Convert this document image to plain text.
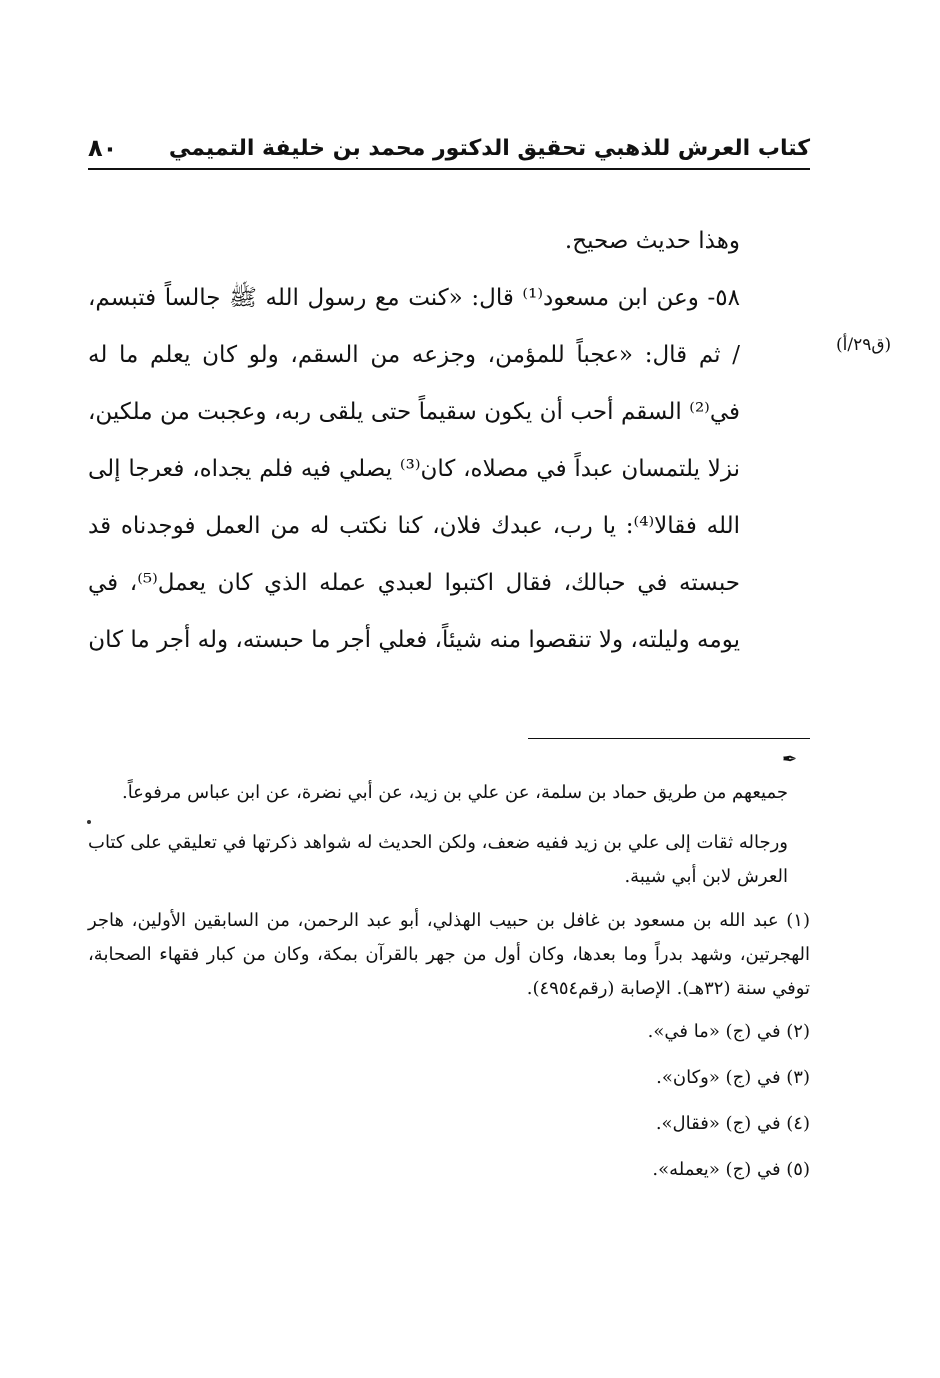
كتاب العرش للذهبي تحقيق الدكتور محمد بن خليفة التميمي
٨٠
(ق٢٩/أ)

وهذا حديث صحيح.

٥٨- وعن ابن مسعود⁽¹⁾ قال: «كنت مع رسول الله ﷺ جالساً فتبسم، / ثم قال: «عجباً للمؤمن، وجزعه من السقم، ولو كان يعلم ما له في⁽²⁾ السقم أحب أن يكون سقيماً حتى يلقى ربه، وعجبت من ملكين، نزلا يلتمسان عبداً في مصلاه، كان⁽³⁾ يصلي فيه فلم يجداه، فعرجا إلى الله فقالا⁽⁴⁾: يا رب، عبدك فلان، كنا نكتب له من العمل فوجدناه قد حبسته في حبالك، فقال اكتبوا لعبدي عمله الذي كان يعمل⁽⁵⁾، في يومه وليلته، ولا تنقصوا منه شيئاً، فعلي أجر ما حبسته، وله أجر ما كان

✒

جميعهم من طريق حماد بن سلمة، عن علي بن زيد، عن أبي نضرة، عن ابن عباس مرفوعاً.

ورجاله ثقات إلى علي بن زيد ففيه ضعف، ولكن الحديث له شواهد ذكرتها في تعليقي على كتاب العرش لابن أبي شيبة.

(١) عبد الله بن مسعود بن غافل بن حبيب الهذلي، أبو عبد الرحمن، من السابقين الأولين، هاجر الهجرتين، وشهد بدراً وما بعدها، وكان أول من جهر بالقرآن بمكة، وكان من كبار فقهاء الصحابة، توفي سنة (٣٢هـ). الإصابة (رقم٤٩٥٤).

(٢) في (ج) «ما في».

(٣) في (ج) «وكان».

(٤) في (ج) «فقال».

(٥) في (ج) «يعمله».
